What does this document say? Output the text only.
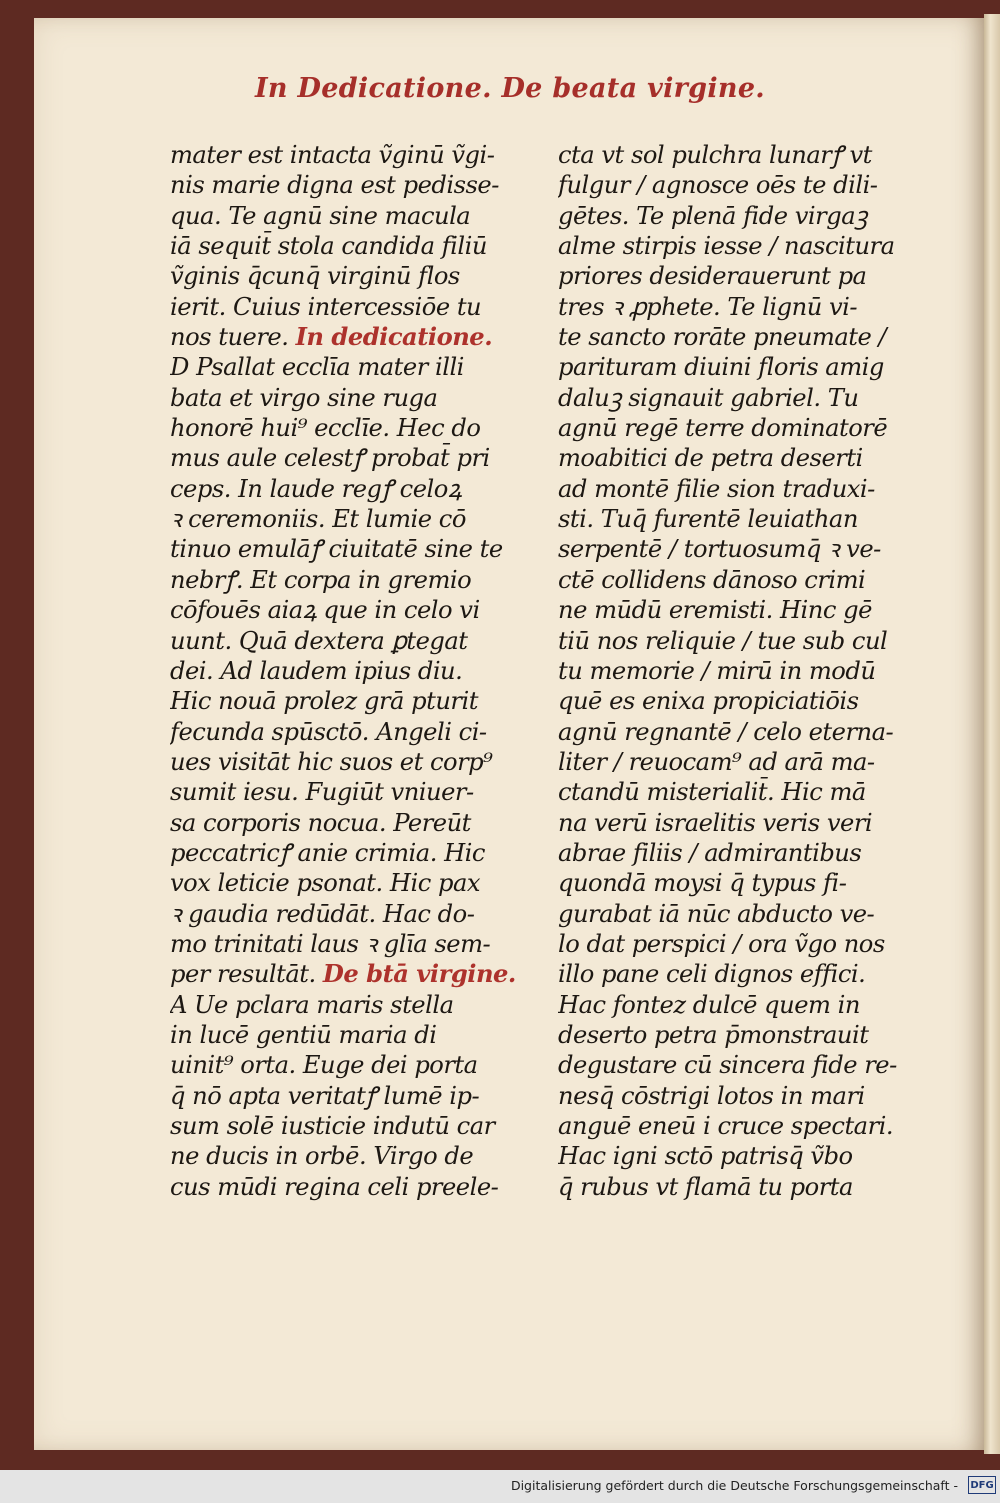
In Dedicatione. De beata virgine.
mater est intacta ṽginū ṽgi-
nis marie digna est pedisse-
qua. Te agnū sine macula
iā sequit̄ stola candida filiū
ṽginis q̄cunq̄ virginū flos
ierit. Cuius intercessiōe tu
nos tuere. In dedicatione.
D Psallat ecclīa mater illi
bata et virgo sine ruga
honorē hui⁹ ecclīe. Hec do
mus aule celestꝭ probat̄ pri
ceps. In laude regꝭ celoꝝ
ꝛ ceremoniis. Et lumie cō
tinuo emulāꝭ ciuitatē sine te
nebrꝭ. Et corpa in gremio
cōfouēs aiaꝝ que in celo vi
uunt. Quā dextera ꝑtegat
dei. Ad laudem ipius diu.
Hic nouā prolez grā pturit
fecunda spūsctō. Angeli ci-
ues visitāt hic suos et corp⁹
sumit iesu. Fugiūt vniuer-
sa corporis nocua. Pereūt
peccatricꝭ anie crimia. Hic
vox leticie psonat. Hic pax
ꝛ gaudia redūdāt. Hac do-
mo trinitati laus ꝛ glīa sem-
per resultāt. De btā virgine.
A Ue pclara maris stella
in lucē gentiū maria di
uinit⁹ orta. Euge dei porta
q̄ nō apta veritatꝭ lumē ip-
sum solē iusticie indutū car
ne ducis in orbē. Virgo de
cus mūdi regina celi preele-
cta vt sol pulchra lunarꝭ vt
fulgur / agnosce oēs te dili-
gētes. Te plenā fide virgaꝫ
alme stirpis iesse / nascitura
priores desiderauerunt pa
tres ꝛ ꝓphete. Te lignū vi-
te sancto rorāte pneumate /
parituram diuini floris amig
daluꝫ signauit gabriel. Tu
agnū regē terre dominatorē
moabitici de petra deserti
ad montē filie sion traduxi-
sti. Tuq̄ furentē leuiathan
serpentē / tortuosumq̄ ꝛ ve-
ctē collidens dānoso crimi
ne mūdū eremisti. Hinc gē
tiū nos reliquie / tue sub cul
tu memorie / mirū in modū
quē es enixa propiciatiōis
agnū regnantē / celo eterna-
liter / reuocam⁹ ad arā ma-
ctandū misterialit̄. Hic mā
na verū israelitis veris veri
abrae filiis / admirantibus
quondā moysi q̄ typus fi-
gurabat iā nūc abducto ve-
lo dat perspici / ora ṽgo nos
illo pane celi dignos effici.
Hac fontez dulcē quem in
deserto petra p̄monstrauit
degustare cū sincera fide re-
nesq̄ cōstrigi lotos in mari
anguē eneū i cruce spectari.
Hac igni sctō patrisq̄ ṽbo
q̄ rubus vt flamā tu porta
Digitalisierung gefördert durch die Deutsche Forschungsgemeinschaft -	DFG
